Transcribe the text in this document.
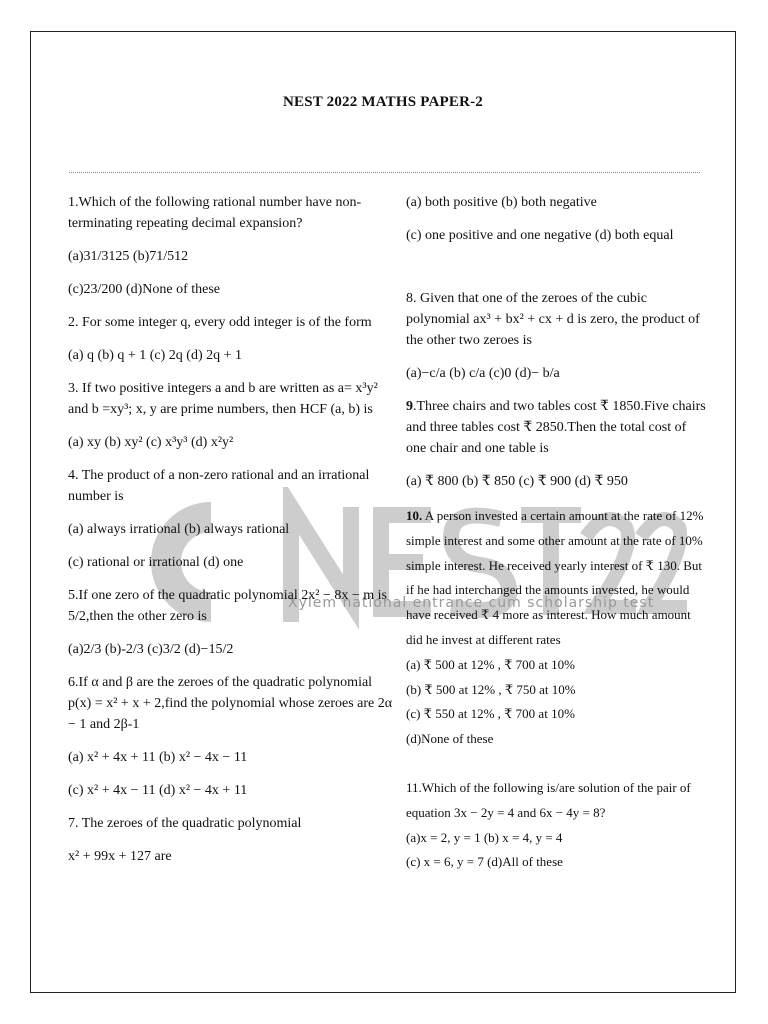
NEST 2022 MATHS PAPER-2
Xylem national entrance cum scholarship test

1.Which of the following rational number have non-terminating repeating decimal expansion?

(a)31/3125 (b)71/512

(c)23/200 (d)None of these

2. For some integer q, every odd integer is of the form

(a) q (b) q + 1 (c) 2q (d) 2q + 1

3. If two positive integers a and b are written as a= x³y² and b =xy³; x, y are prime numbers, then HCF (a, b) is

(a) xy (b) xy² (c) x³y³ (d) x²y²

4. The product of a non-zero rational and an irrational number is

(a) always irrational (b) always rational

(c) rational or irrational (d) one

5.If one zero of the quadratic polynomial 2x² − 8x − m is 5/2,then the other zero is

(a)2/3 (b)-2/3 (c)3/2 (d)−15/2

6.If α and β are the zeroes of the quadratic polynomial p(x) = x² + x + 2,find the polynomial whose zeroes are 2α − 1 and 2β-1

(a) x² + 4x + 11 (b) x² − 4x − 11

(c) x² + 4x − 11 (d) x² − 4x + 11

7. The zeroes of the quadratic polynomial

x² + 99x + 127 are

(a) both positive (b) both negative

(c) one positive and one negative (d) both equal

8. Given that one of the zeroes of the cubic polynomial ax³ + bx² + cx + d is zero, the product of the other two zeroes is

(a)−c/a (b) c/a (c)0 (d)− b/a

9.Three chairs and two tables cost ₹ 1850.Five chairs and three tables cost ₹ 2850.Then the total cost of one chair and one table is

(a) ₹ 800 (b) ₹ 850 (c) ₹ 900 (d) ₹ 950

10. A person invested a certain amount at the rate of 12% simple interest and some other amount at the rate of 10% simple interest. He received yearly interest of ₹ 130. But if he had interchanged the amounts invested, he would have received ₹ 4 more as interest. How much amount did he invest at different rates

(a) ₹ 500 at 12% , ₹ 700 at 10%

(b) ₹ 500 at 12% , ₹ 750 at 10%

(c) ₹ 550 at 12% , ₹ 700 at 10%

(d)None of these

11.Which of the following is/are solution of the pair of equation 3x − 2y = 4 and 6x − 4y = 8?

(a)x = 2, y = 1 (b) x = 4, y = 4

(c) x = 6, y = 7 (d)All of these
